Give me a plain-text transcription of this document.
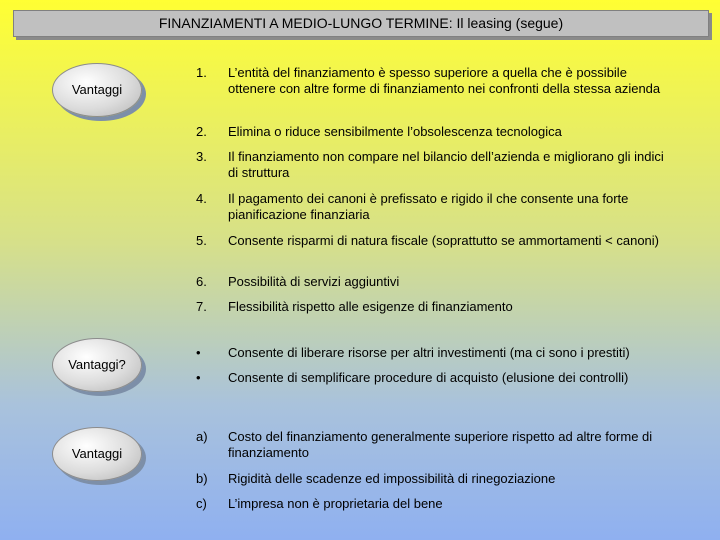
FINANZIAMENTI A MEDIO-LUNGO TERMINE: Il leasing (segue)
Vantaggi
1.	L’entità del finanziamento è spesso superiore a quella che è possibile ottenere con altre forme di finanziamento nei confronti della stessa azienda
2.	Elimina o riduce sensibilmente l’obsolescenza tecnologica
3.	Il finanziamento non compare nel bilancio dell’azienda e migliorano gli indici di struttura
4.	Il pagamento dei canoni è prefissato e rigido il che consente una forte pianificazione finanziaria
5.	Consente risparmi di natura fiscale (soprattutto se ammortamenti < canoni)
6.	Possibilità di servizi aggiuntivi
7.	Flessibilità rispetto alle esigenze di finanziamento
Vantaggi?
•	Consente di liberare risorse per altri investimenti (ma ci sono i prestiti)
•	Consente di semplificare procedure di acquisto (elusione dei controlli)
Vantaggi
a)	Costo del finanziamento generalmente superiore rispetto ad altre forme di finanziamento
b)	Rigidità delle scadenze ed impossibilità di rinegoziazione
c)	L’impresa non è proprietaria del bene
